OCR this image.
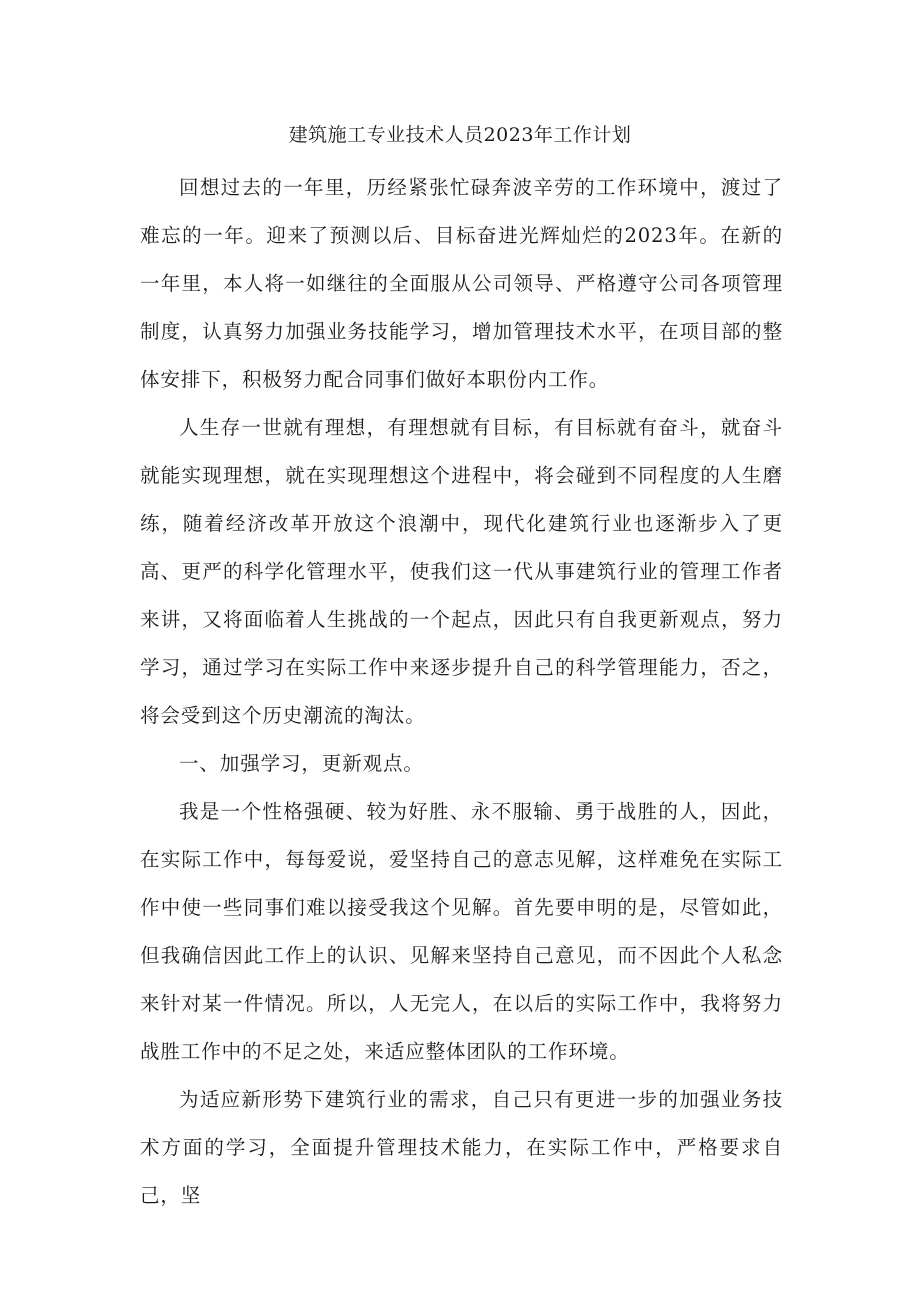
建筑施工专业技术人员2023年工作计划

回想过去的一年里，历经紧张忙碌奔波辛劳的工作环境中，渡过了难忘的一年。迎来了预测以后、目标奋进光辉灿烂的2023年。在新的一年里，本人将一如继往的全面服从公司领导、严格遵守公司各项管理制度，认真努力加强业务技能学习，增加管理技术水平，在项目部的整体安排下，积极努力配合同事们做好本职份内工作。

人生存一世就有理想，有理想就有目标，有目标就有奋斗，就奋斗就能实现理想，就在实现理想这个进程中，将会碰到不同程度的人生磨练，随着经济改革开放这个浪潮中，现代化建筑行业也逐渐步入了更高、更严的科学化管理水平，使我们这一代从事建筑行业的管理工作者来讲，又将面临着人生挑战的一个起点，因此只有自我更新观点，努力学习，通过学习在实际工作中来逐步提升自己的科学管理能力，否之，将会受到这个历史潮流的淘汰。

一、加强学习，更新观点。

我是一个性格强硬、较为好胜、永不服输、勇于战胜的人，因此，在实际工作中，每每爱说，爱坚持自己的意志见解，这样难免在实际工作中使一些同事们难以接受我这个见解。首先要申明的是，尽管如此，但我确信因此工作上的认识、见解来坚持自己意见，而不因此个人私念来针对某一件情况。所以，人无完人，在以后的实际工作中，我将努力战胜工作中的不足之处，来适应整体团队的工作环境。

为适应新形势下建筑行业的需求，自己只有更进一步的加强业务技术方面的学习，全面提升管理技术能力，在实际工作中，严格要求自己，坚
